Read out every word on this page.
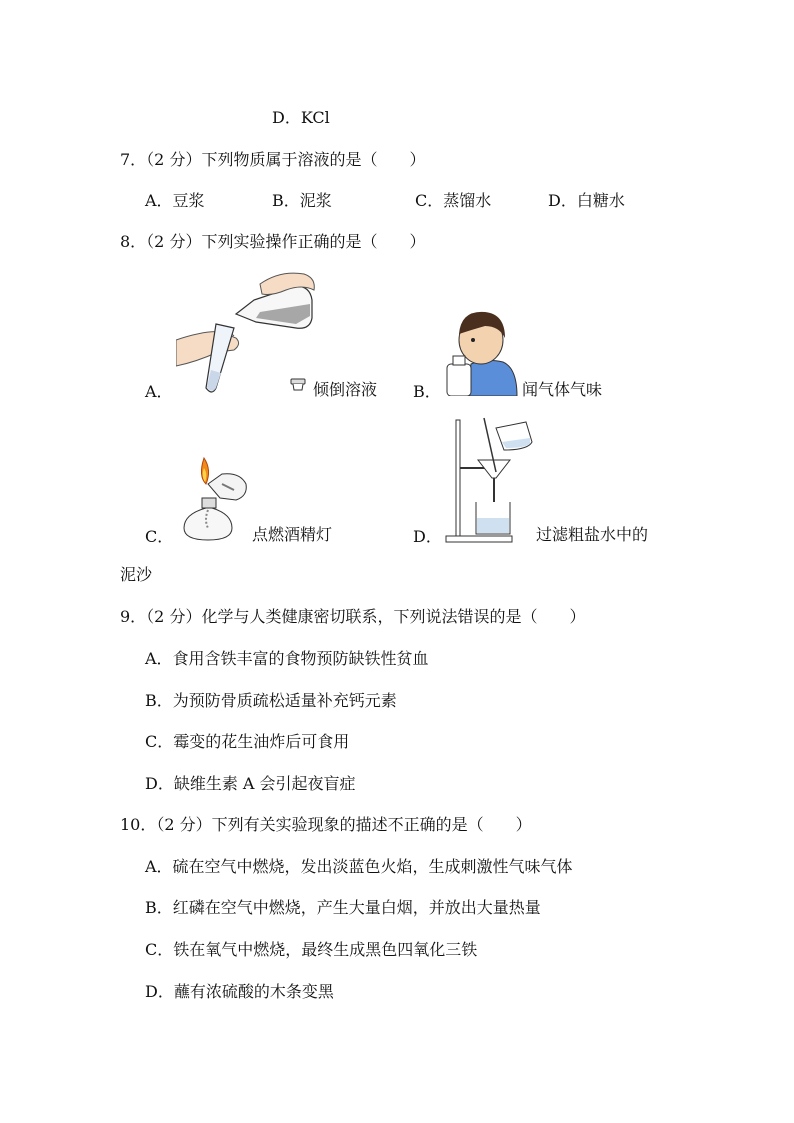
D．KCl
7．（2 分）下列物质属于溶液的是（　　）
A．豆浆	B．泥浆	C．蒸馏水	D．白糖水
8．（2 分）下列实验操作正确的是（　　）
A．	倾倒溶液 B．	闻气体气味
C．	点燃酒精灯	D．	过滤粗盐水中的
泥沙
9．（2 分）化学与人类健康密切联系，下列说法错误的是（　　）
A．食用含铁丰富的食物预防缺铁性贫血
B．为预防骨质疏松适量补充钙元素
C．霉变的花生油炸后可食用
D．缺维生素 A 会引起夜盲症
10．（2 分）下列有关实验现象的描述不正确的是（　　）
A．硫在空气中燃烧，发出淡蓝色火焰，生成刺激性气味气体
B．红磷在空气中燃烧，产生大量白烟，并放出大量热量
C．铁在氧气中燃烧，最终生成黑色四氧化三铁
D．蘸有浓硫酸的木条变黑
